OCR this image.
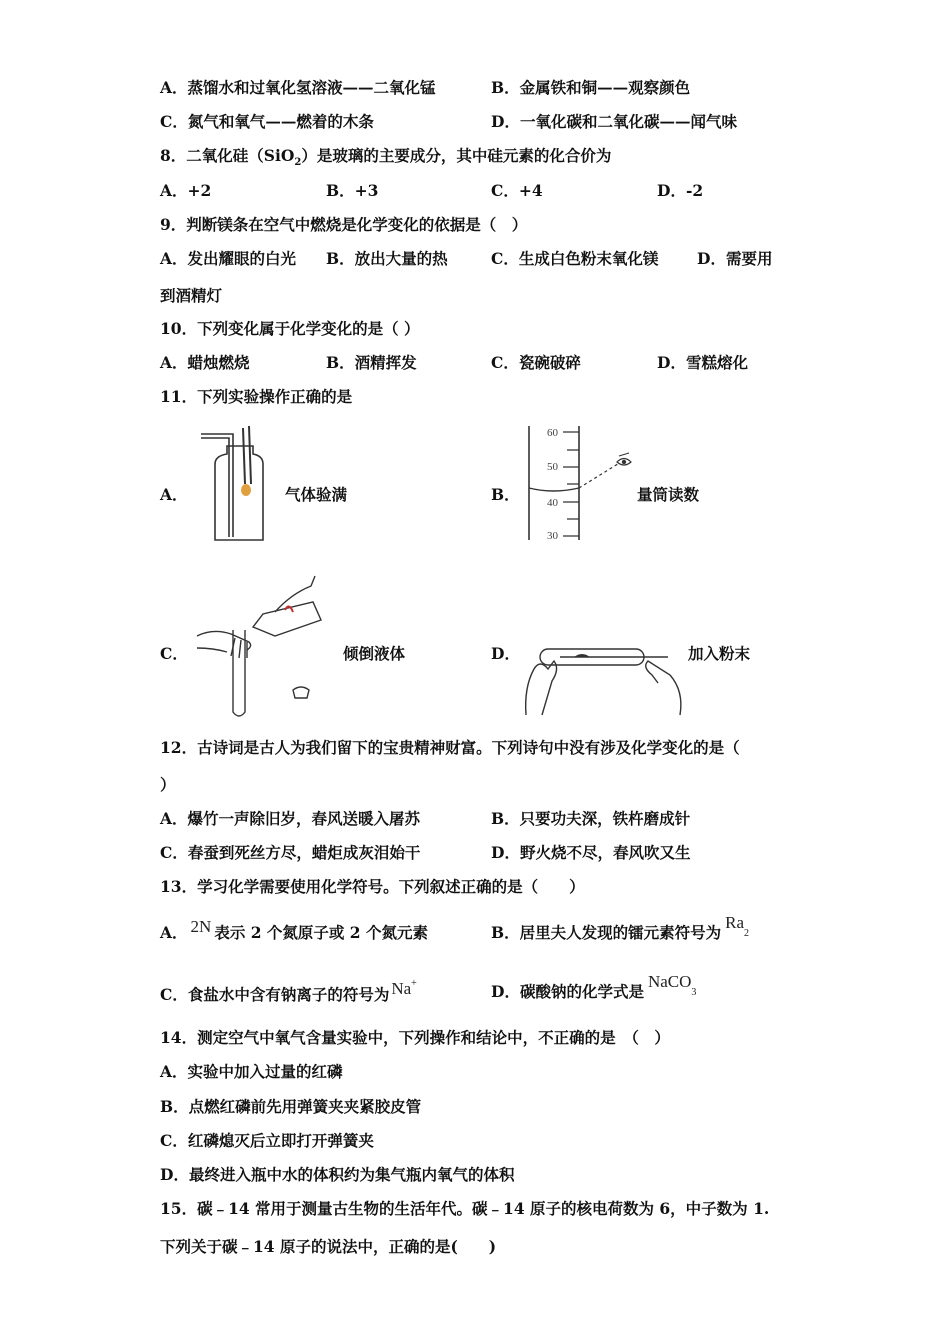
A．蒸馏水和过氧化氢溶液——二氧化锰	B．金属铁和铜——观察颜色
C．氮气和氧气——燃着的木条	D．一氧化碳和二氧化碳——闻气味
8．二氧化硅（SiO$_2$）是玻璃的主要成分，其中硅元素的化合价为
A．+2	B．+3	C．+4	D．-2
9．判断镁条在空气中燃烧是化学变化的依据是（　）
A．发出耀眼的白光 B．放出大量的热	C．生成白色粉末氧化镁 D．需要用
到酒精灯
10．下列变化属于化学变化的是（ ）
A．蜡烛燃烧	B．酒精挥发	C．瓷碗破碎	D．雪糕熔化
11．下列实验操作正确的是
A．	气体验满	B．
60
50
40
30
量筒读数
C．	倾倒液体	D．	加入粉末
12．古诗词是古人为我们留下的宝贵精神财富。下列诗句中没有涉及化学变化的是（
）
A．爆竹一声除旧岁，春风送暖入屠苏	B．只要功夫深，铁杵磨成针
C．春蚕到死丝方尽，蜡炬成灰泪始干	D．野火烧不尽，春风吹又生
13．学习化学需要使用化学符号。下列叙述正确的是（　　）
A． 2N 表示 2 个氮原子或 2 个氮元素	B．居里夫人发现的镭元素符号为$Ra_2$
C．食盐水中含有钠离子的符号为 Na+	D．碳酸钠的化学式是NaCO$_3$
14．测定空气中氧气含量实验中，下列操作和结论中，不正确的是　（　）
A．实验中加入过量的红磷
B．点燃红磷前先用弹簧夹夹紧胶皮管
C．红磷熄灭后立即打开弹簧夹
D．最终进入瓶中水的体积约为集气瓶内氧气的体积
15．碳﹣14 常用于测量古生物的生活年代。碳﹣14 原子的核电荷数为 6，中子数为 1.
下列关于碳﹣14 原子的说法中，正确的是(　　)
